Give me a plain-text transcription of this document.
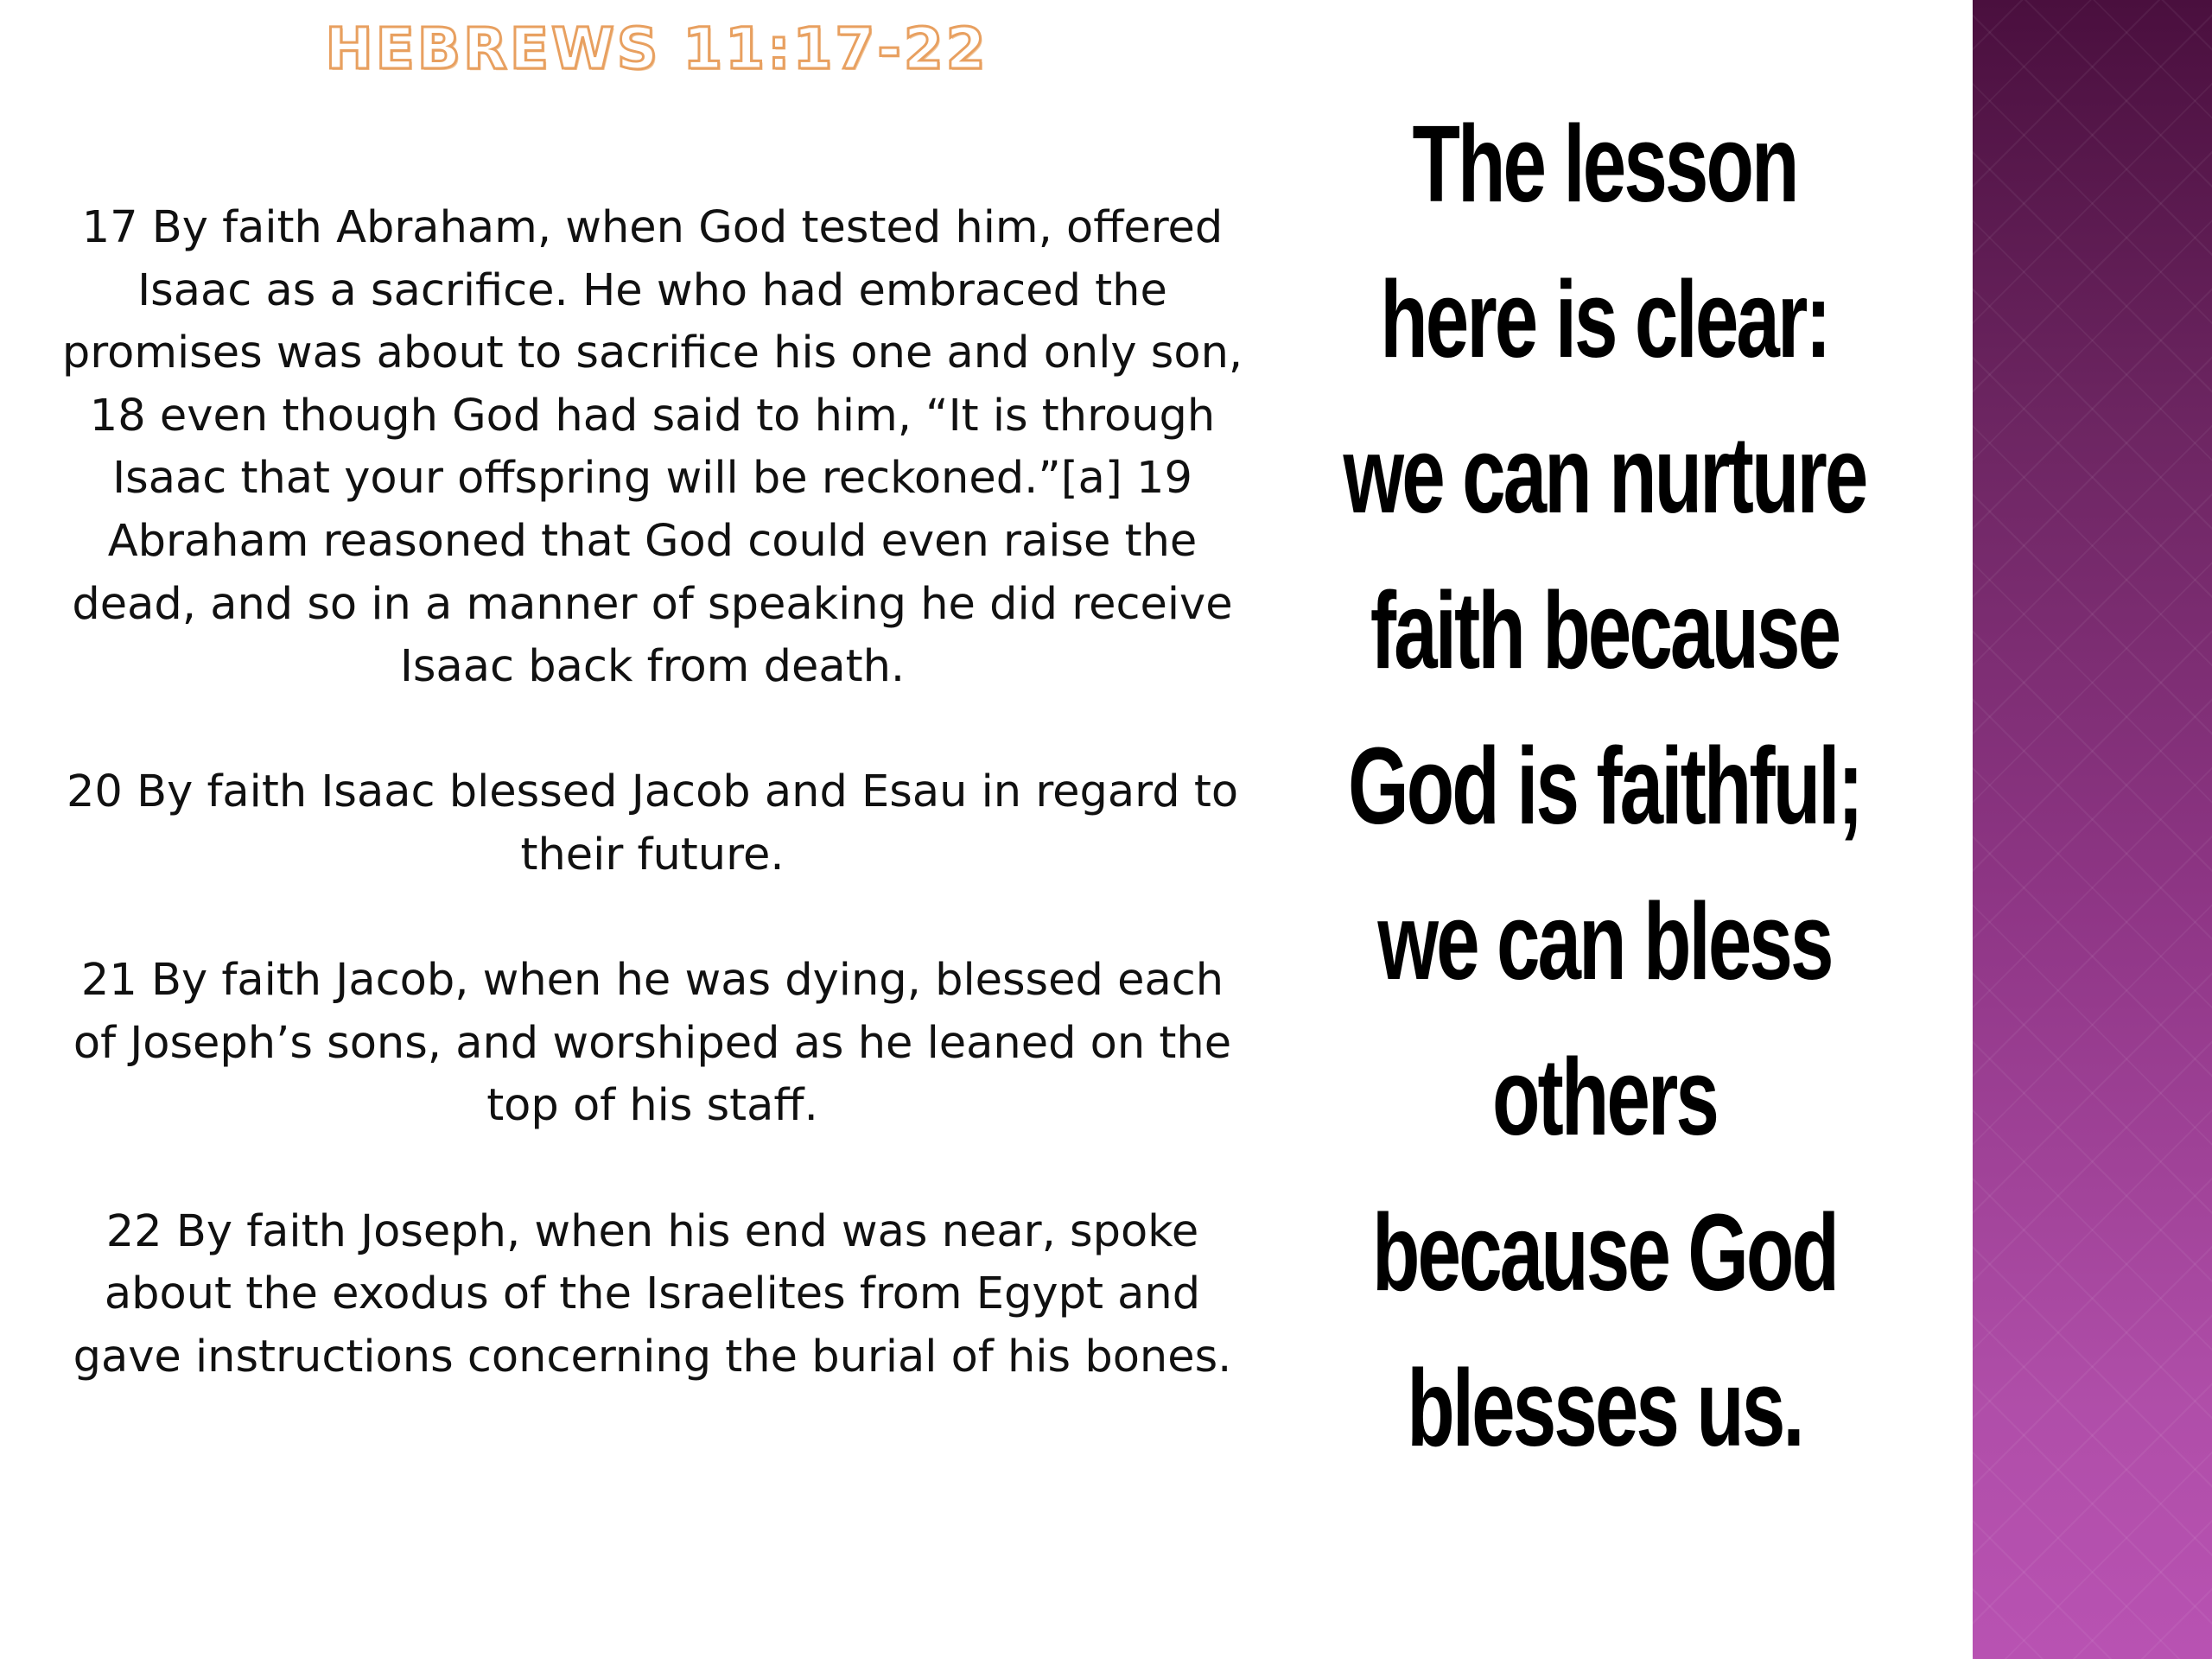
HEBREWS 11:17-22

17 By faith Abraham, when God tested him, offered Isaac as a sacrifice. He who had embraced the promises was about to sacrifice his one and only son, 18 even though God had said to him, “It is through Isaac that your offspring will be reckoned.”[a] 19 Abraham reasoned that God could even raise the dead, and so in a manner of speaking he did receive Isaac back from death.

20 By faith Isaac blessed Jacob and Esau in regard to their future.

21 By faith Jacob, when he was dying, blessed each of Joseph’s sons, and worshiped as he leaned on the top of his staff.

22 By faith Joseph, when his end was near, spoke about the exodus of the Israelites from Egypt and gave instructions concerning the burial of his bones.

The lesson here is clear: we can nurture faith because God is faithful; we can bless others because God blesses us.
